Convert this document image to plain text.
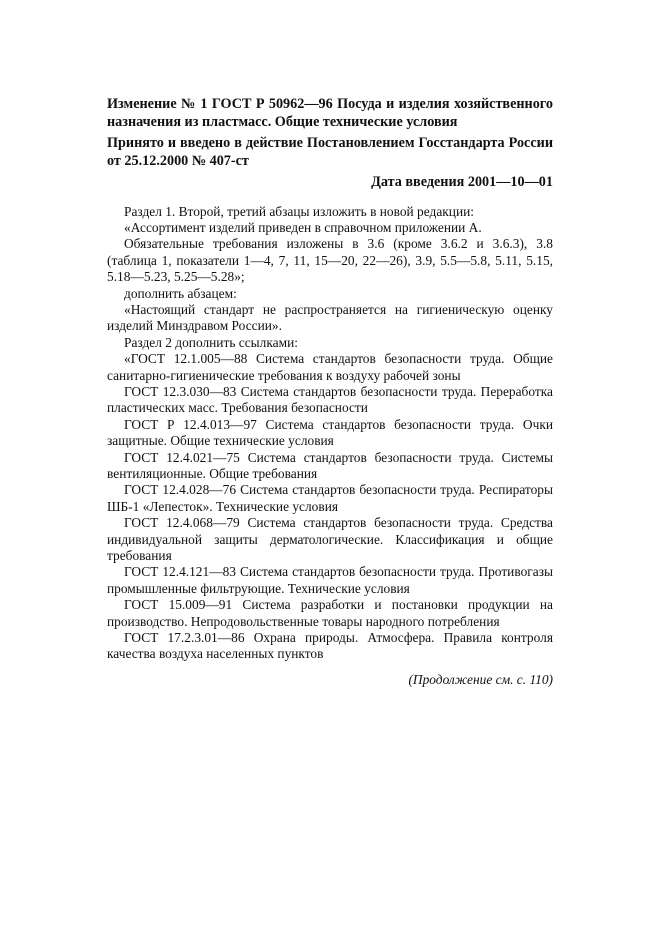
Изменение № 1 ГОСТ Р 50962—96 Посуда и изделия хозяйственного назначения из пластмасс. Общие технические условия

Принято и введено в действие Постановлением Госстандарта России от 25.12.2000 № 407-ст

Дата введения 2001—10—01

Раздел 1. Второй, третий абзацы изложить в новой редакции:

«Ассортимент изделий приведен в справочном приложении А.

Обязательные требования изложены в 3.6 (кроме 3.6.2 и 3.6.3), 3.8 (таблица 1, показатели 1—4, 7, 11, 15—20, 22—26), 3.9, 5.5—5.8, 5.11, 5.15, 5.18—5.23, 5.25—5.28»;

дополнить абзацем:

«Настоящий стандарт не распространяется на гигиеническую оценку изделий Минздравом России».

Раздел 2 дополнить ссылками:

«ГОСТ 12.1.005—88 Система стандартов безопасности труда. Общие санитарно-гигиенические требования к воздуху рабочей зоны

ГОСТ 12.3.030—83 Система стандартов безопасности труда. Переработка пластических масс. Требования безопасности

ГОСТ Р 12.4.013—97 Система стандартов безопасности труда. Очки защитные. Общие технические условия

ГОСТ 12.4.021—75 Система стандартов безопасности труда. Системы вентиляционные. Общие требования

ГОСТ 12.4.028—76 Система стандартов безопасности труда. Респираторы ШБ-1 «Лепесток». Технические условия

ГОСТ 12.4.068—79 Система стандартов безопасности труда. Средства индивидуальной защиты дерматологические. Классификация и общие требования

ГОСТ 12.4.121—83 Система стандартов безопасности труда. Противогазы промышленные фильтрующие. Технические условия

ГОСТ 15.009—91 Система разработки и постановки продукции на производство. Непродовольственные товары народного потребления

ГОСТ 17.2.3.01—86 Охрана природы. Атмосфера. Правила контроля качества воздуха населенных пунктов

(Продолжение см. с. 110)
